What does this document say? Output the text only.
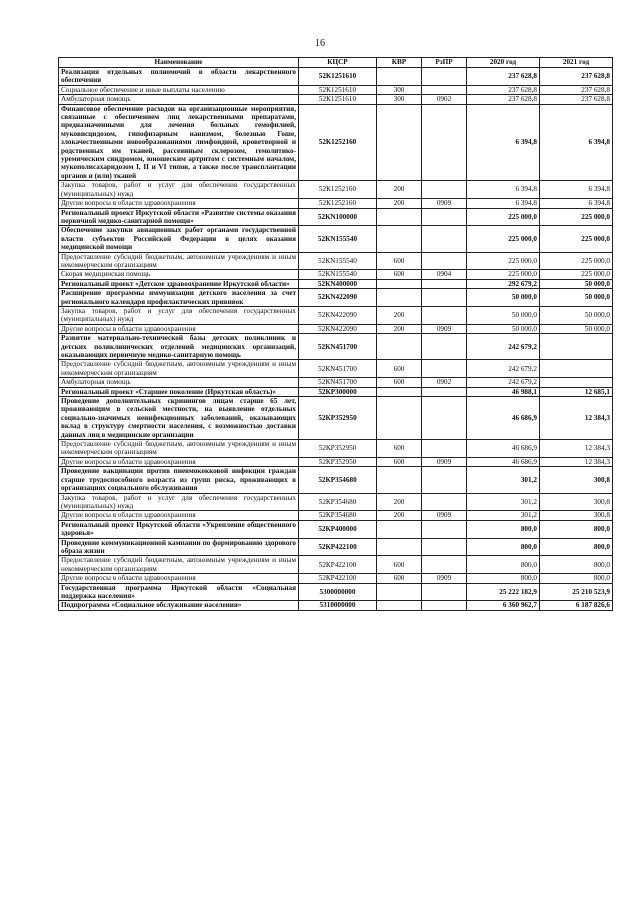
16
Наименование	КЦСР	КВР	РзПР	2020 год	2021 год
Реализация отдельных полномочий в области лекарственного обеспечения	52К1251610			237 628,8	237 628,8
Социальное обеспечение и иные выплаты населению	52К1251610	300		237 628,8	237 628,8
Амбулаторная помощь	52К1251610	300	0902	237 628,8	237 628,8
Финансовое обеспечение расходов на организационные мероприятия, связанные с обеспечением лиц лекарственными препаратами, предназначенными для лечения больных гемофилией, муковисцидозом, гипофизарным нанизмом, болезнью Гоше, злокачественными новообразованиями лимфоидной, кроветворной и родственных им тканей, рассеянным склерозом, гемолитико-уремическим синдромом, юношеским артритом с системным началом, мукополисахаридозом I, II и VI типов, а также после трансплантации органов и (или) тканей	52К1252160			6 394,8	6 394,8
Закупка товаров, работ и услуг для обеспечения государственных (муниципальных) нужд	52К1252160	200		6 394,8	6 394,8
Другие вопросы в области здравоохранения	52К1252160	200	0909	6 394,8	6 394,8
Региональный проект Иркутской области «Развитие системы оказания первичной медико-санитарной помощи»	52КN100000			225 000,0	225 000,0
Обеспечение закупки авиационных работ органами государственной власти субъектов Российской Федерации в целях оказания медицинской помощи	52КN155540			225 000,0	225 000,0
Предоставление субсидий бюджетным, автономным учреждениям и иным некоммерческим организациям	52КN155540	600		225 000,0	225 000,0
Скорая медицинская помощь	52КN155540	600	0904	225 000,0	225 000,0
Региональный проект «Детское здравоохранение Иркутской области»	52КN400000			292 679,2	50 000,0
Расширение программы иммунизации детского населения за счет регионального календаря профилактических прививок	52КN422090			50 000,0	50 000,0
Закупка товаров, работ и услуг для обеспечения государственных (муниципальных) нужд	52КN422090	200		50 000,0	50 000,0
Другие вопросы в области здравоохранения	52КN422090	200	0909	50 000,0	50 000,0
Развитие материально-технической базы детских поликлиник и детских поликлинических отделений медицинских организаций, оказывающих первичную медико-санитарную помощь	52КN451700			242 679,2	
Предоставление субсидий бюджетным, автономным учреждениям и иным некоммерческим организациям	52КN451700	600		242 679,2	
Амбулаторная помощь	52КN451700	600	0902	242 679,2	
Региональный проект «Старшее поколение (Иркутская область)»	52КР300000			46 988,1	12 685,1
Проведение дополнительных скринингов лицам старше 65 лет, проживающим в сельской местности, на выявление отдельных социально-значимых неинфекционных заболеваний, оказывающих вклад в структуру смертности населения, с возможностью доставки данных лиц в медицинские организации	52КР352950			46 686,9	12 384,3
Предоставление субсидий бюджетным, автономным учреждениям и иным некоммерческим организациям	52КР352950	600		46 686,9	12 384,3
Другие вопросы в области здравоохранения	52КР352950	600	0909	46 686,9	12 384,3
Проведение вакцинации против пневмококковой инфекции граждан старше трудоспособного возраста из групп риска, проживающих в организациях социального обслуживания	52КР354680			301,2	300,8
Закупка товаров, работ и услуг для обеспечения государственных (муниципальных) нужд	52КР354680	200		301,2	300,8
Другие вопросы в области здравоохранения	52КР354680	200	0909	301,2	300,8
Региональный проект Иркутской области «Укрепление общественного здоровья»	52КР400000			800,0	800,0
Проведение коммуникационной кампании по формированию здорового образа жизни	52КР422100			800,0	800,0
Предоставление субсидий бюджетным, автономным учреждениям и иным некоммерческим организациям	52КР422100	600		800,0	800,0
Другие вопросы в области здравоохранения	52КР422100	600	0909	800,0	800,0
Государственная программа Иркутской области «Социальная поддержка населения»	5300000000			25 222 182,9	25 210 523,9
Подпрограмма «Социальное обслуживание населения»	5310000000			6 360 962,7	6 187 826,6
